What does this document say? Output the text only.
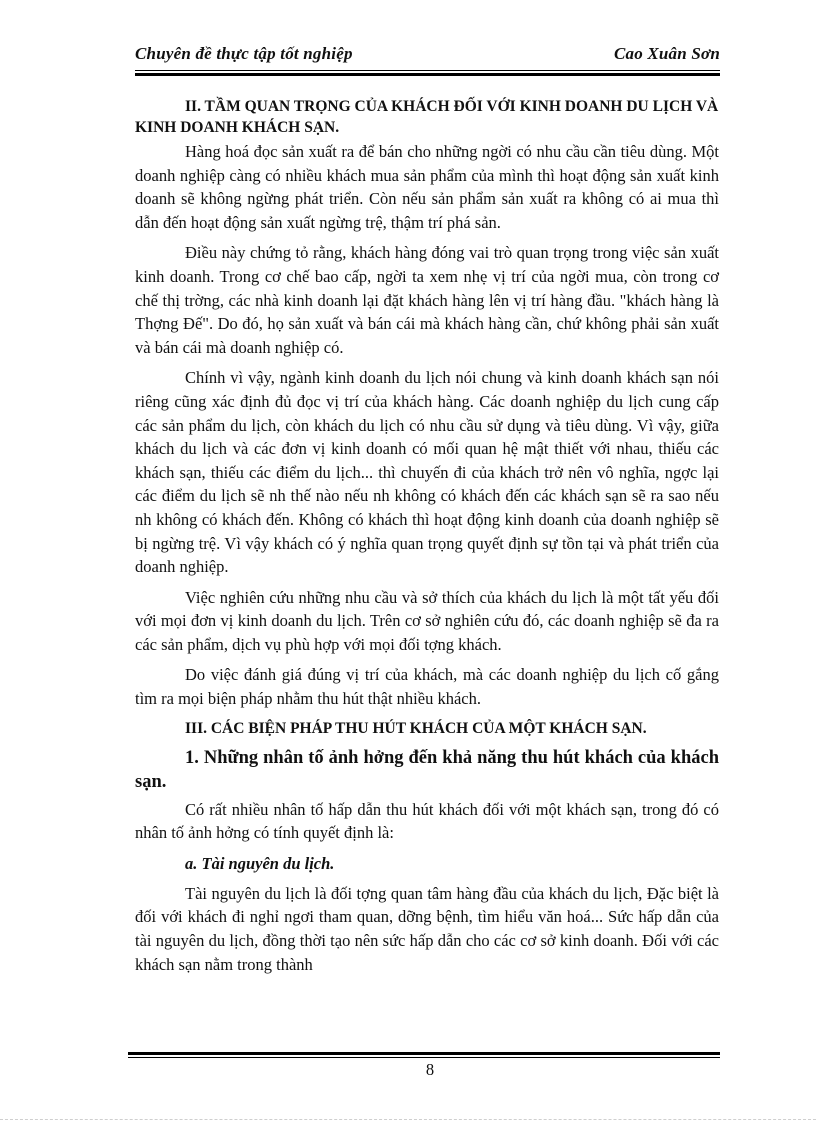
Chuyên đề thực tập tốt nghiệp	Cao Xuân Sơn
II. TẦM QUAN TRỌNG CỦA KHÁCH ĐỐI VỚI KINH DOANH DU LỊCH VÀ KINH DOANH KHÁCH SẠN.

Hàng hoá đọc sản xuất ra để bán cho những ngời có nhu cầu cần tiêu dùng. Một doanh nghiệp càng có nhiều khách mua sản phẩm của mình thì hoạt động sản xuất kinh doanh sẽ không ngừng phát triển. Còn nếu sản phẩm sản xuất ra không có ai mua thì dẫn đến hoạt động sản xuất ngừng trệ, thậm trí phá sản.

Điều này chứng tỏ rằng, khách hàng đóng vai trò quan trọng trong việc sản xuất kinh doanh. Trong cơ chế bao cấp, ngời ta xem nhẹ vị trí của ngời mua, còn trong cơ chế thị trờng, các nhà kinh doanh lại đặt khách hàng lên vị trí hàng đầu. "khách hàng là Thợng Đế". Do đó, họ sản xuất và bán cái mà khách hàng cần, chứ không phải sản xuất và bán cái mà doanh nghiệp có.

Chính vì vậy, ngành kinh doanh du lịch nói chung và kinh doanh khách sạn nói riêng cũng xác định đủ đọc vị trí của khách hàng. Các doanh nghiệp du lịch cung cấp các sản phẩm du lịch, còn khách du lịch có nhu cầu sử dụng và tiêu dùng. Vì vậy, giữa khách du lịch và các đơn vị kinh doanh có mối quan hệ mật thiết với nhau, thiếu các khách sạn, thiếu các điểm du lịch... thì chuyến đi của khách trở nên vô nghĩa, ngợc lại các điểm du lịch sẽ nh thế nào nếu nh không có khách đến các khách sạn sẽ ra sao nếu nh không có khách đến. Không có khách thì hoạt động kinh doanh của doanh nghiệp sẽ bị ngừng trệ. Vì vậy khách có ý nghĩa quan trọng quyết định sự tồn tại và phát triển của doanh nghiệp.

Việc nghiên cứu những nhu cầu và sở thích của khách du lịch là một tất yếu đối với mọi đơn vị kinh doanh du lịch. Trên cơ sở nghiên cứu đó, các doanh nghiệp sẽ đa ra các sản phẩm, dịch vụ phù hợp với mọi đối tợng khách.

Do việc đánh giá đúng vị trí của khách, mà các doanh nghiệp du lịch cố gắng tìm ra mọi biện pháp nhằm thu hút thật nhiều khách.

III. CÁC BIỆN PHÁP THU HÚT KHÁCH CỦA MỘT KHÁCH SẠN.
1. Những nhân tố ảnh hởng đến khả năng thu hút khách của khách sạn.

Có rất nhiều nhân tố hấp dẫn thu hút khách đối với một khách sạn, trong đó có nhân tố ảnh hởng có tính quyết định là:

a. Tài nguyên du lịch.

Tài nguyên du lịch là đối tợng quan tâm hàng đầu của khách du lịch, Đặc biệt là đối với khách đi nghỉ ngơi tham quan, dỡng bệnh, tìm hiểu văn hoá... Sức hấp dẫn của tài nguyên du lịch, đồng thời tạo nên sức hấp dẫn cho các cơ sở kinh doanh. Đối với các khách sạn nằm trong thành

8
